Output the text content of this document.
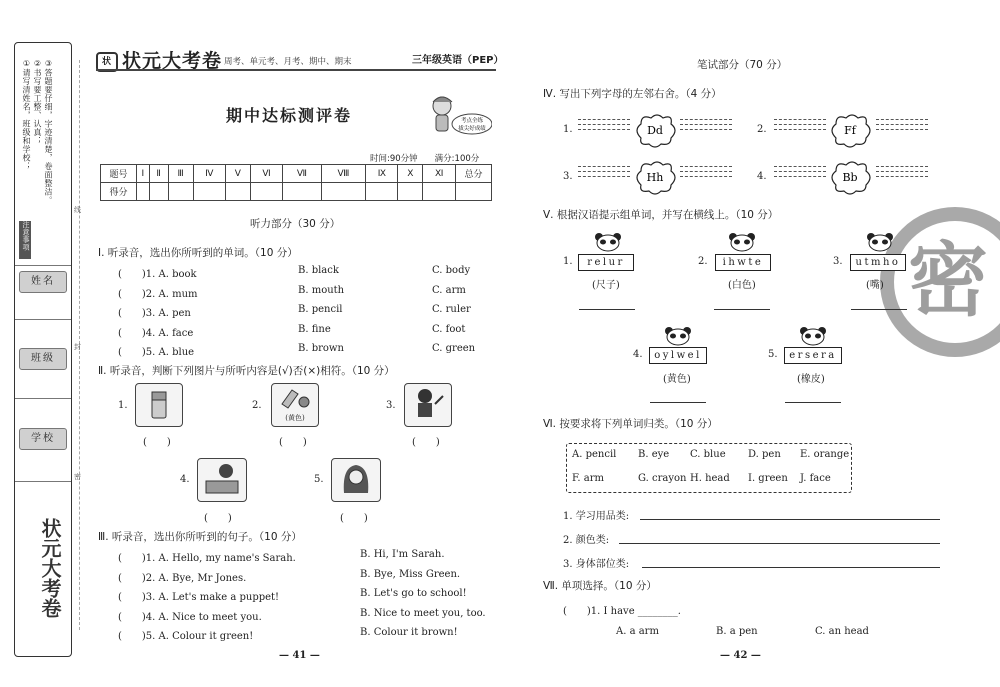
①请写清姓名，班级和学校； ②书写要工整、认真； ③答题要仔细，字迹清楚，卷面整洁。
注意事项
姓名
班级
学校
状元大考卷
线
封
密
状 状元大考卷 周考、单元考、月考、期中、期末	三年级英语（PEP）
期中达标测评卷	考点全练
拔尖好成绩
时间:90分钟　　满分:100分
题号	Ⅰ	Ⅱ	Ⅲ	Ⅳ	Ⅴ	Ⅵ	Ⅶ	Ⅷ	Ⅸ	Ⅹ	Ⅺ	总分
得分												
听力部分（30 分）
Ⅰ. 听录音，选出你所听到的单词。（10 分）
(　　)1. A. book	B. black	C. body
(　　)2. A. mum	B. mouth	C. arm
(　　)3. A. pen	B. pencil	C. ruler
(　　)4. A. face	B. fine	C. foot
(　　)5. A. blue	B. brown	C. green
Ⅱ. 听录音，判断下列图片与所听内容是(√)否(×)相符。（10 分）
1.
(　　)
2.
(黄色)
(　　)
3.
(　　)
4.
(　　)
5.
(　　)
Ⅲ. 听录音，选出你所听到的句子。（10 分）
(　　)1. A. Hello, my name's Sarah.	B. Hi, I'm Sarah.
(　　)2. A. Bye, Mr Jones.	B. Bye, Miss Green.
(　　)3. A. Let's make a puppet!	B. Let's go to school!
(　　)4. A. Nice to meet you.	B. Nice to meet you, too.
(　　)5. A. Colour it green!	B. Colour it brown!
— 41 —
密
笔试部分（70 分）
Ⅳ. 写出下列字母的左邻右舍。（4 分）
1.	Dd	2.	Ff
3.	Hh	4.	Bb
Ⅴ. 根据汉语提示组单词，并写在横线上。（10 分）
1.	relur
(尺子)
2.	ihwte
(白色)
3.	utmho
(嘴)
4.	oylwel
(黄色)
5.	ersera
(橡皮)
Ⅵ. 按要求将下列单词归类。（10 分）
A. pencil B. eye C. blue D. pen E. orange
F. arm	G. crayon H. head I. green J. face
1. 学习用品类:
2. 颜色类:
3. 身体部位类:
Ⅶ. 单项选择。（10 分）
(　　)1. I have ________.
A. a arm	B. a pen	C. an head
— 42 —
